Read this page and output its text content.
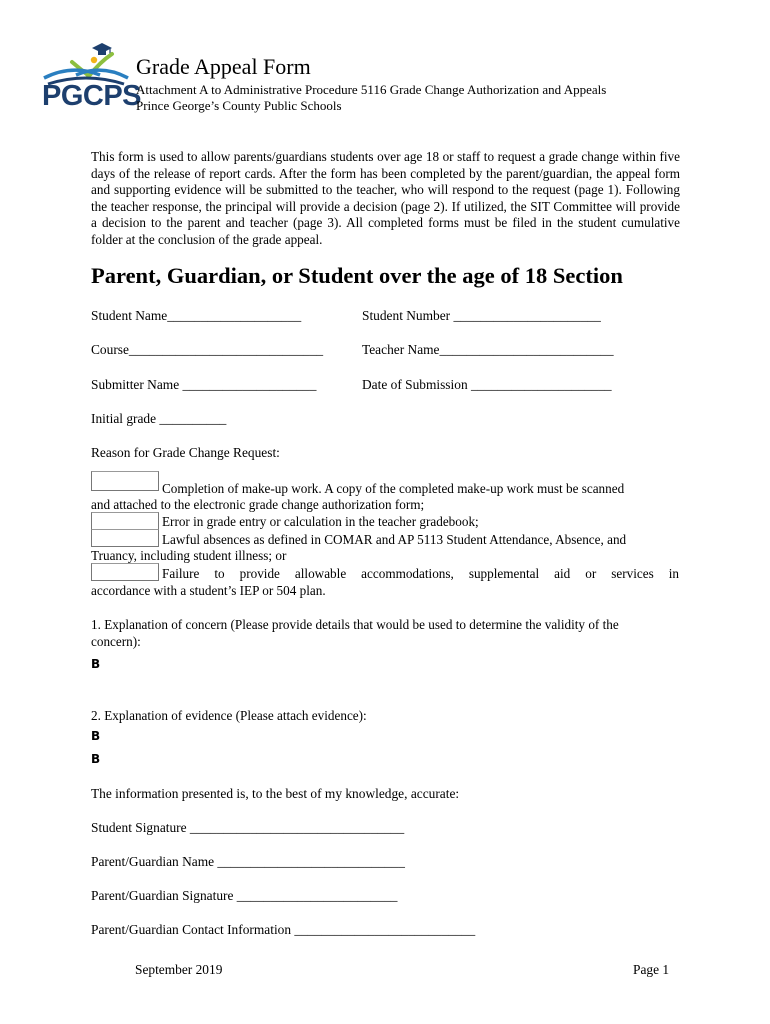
PGCPS
Grade Appeal Form
Attachment A to Administrative Procedure 5116 Grade Change Authorization and Appeals
Prince George’s County Public Schools
This form is used to allow parents/guardians students over age 18 or staff to request a grade change within five days of the release of report cards. After the form has been completed by the parent/guardian, the appeal form and supporting evidence will be submitted to the teacher, who will respond to the request (page 1). Following the teacher response, the principal will provide a decision (page 2). If utilized, the SIT Committee will provide a decision to the parent and teacher (page 3). All completed forms must be filed in the student cumulative folder at the conclusion of the grade appeal.
Parent, Guardian, or Student over the age of 18 Section
Student Name____________________	Student Number ______________________
Course_____________________________	Teacher Name__________________________
Submitter Name ____________________	Date of Submission _____________________
Initial grade __________
Reason for Grade Change Request:
Completion of make-up work. A copy of the completed make-up work must be scanned
and attached to the electronic grade change authorization form;
Error in grade entry or calculation in the teacher gradebook;
Lawful absences as defined in COMAR and AP 5113 Student Attendance, Absence, and
Truancy, including student illness; or
Failure to provide allowable accommodations, supplemental aid or services in
accordance with a student’s IEP or 504 plan.
1. Explanation of concern (Please provide details that would be used to determine the validity of the
concern):
B
2. Explanation of evidence (Please attach evidence):
B
B
The information presented is, to the best of my knowledge, accurate:
Student Signature ________________________________
Parent/Guardian Name ____________________________
Parent/Guardian Signature ________________________
Parent/Guardian Contact Information ___________________________
September 2019	Page 1
